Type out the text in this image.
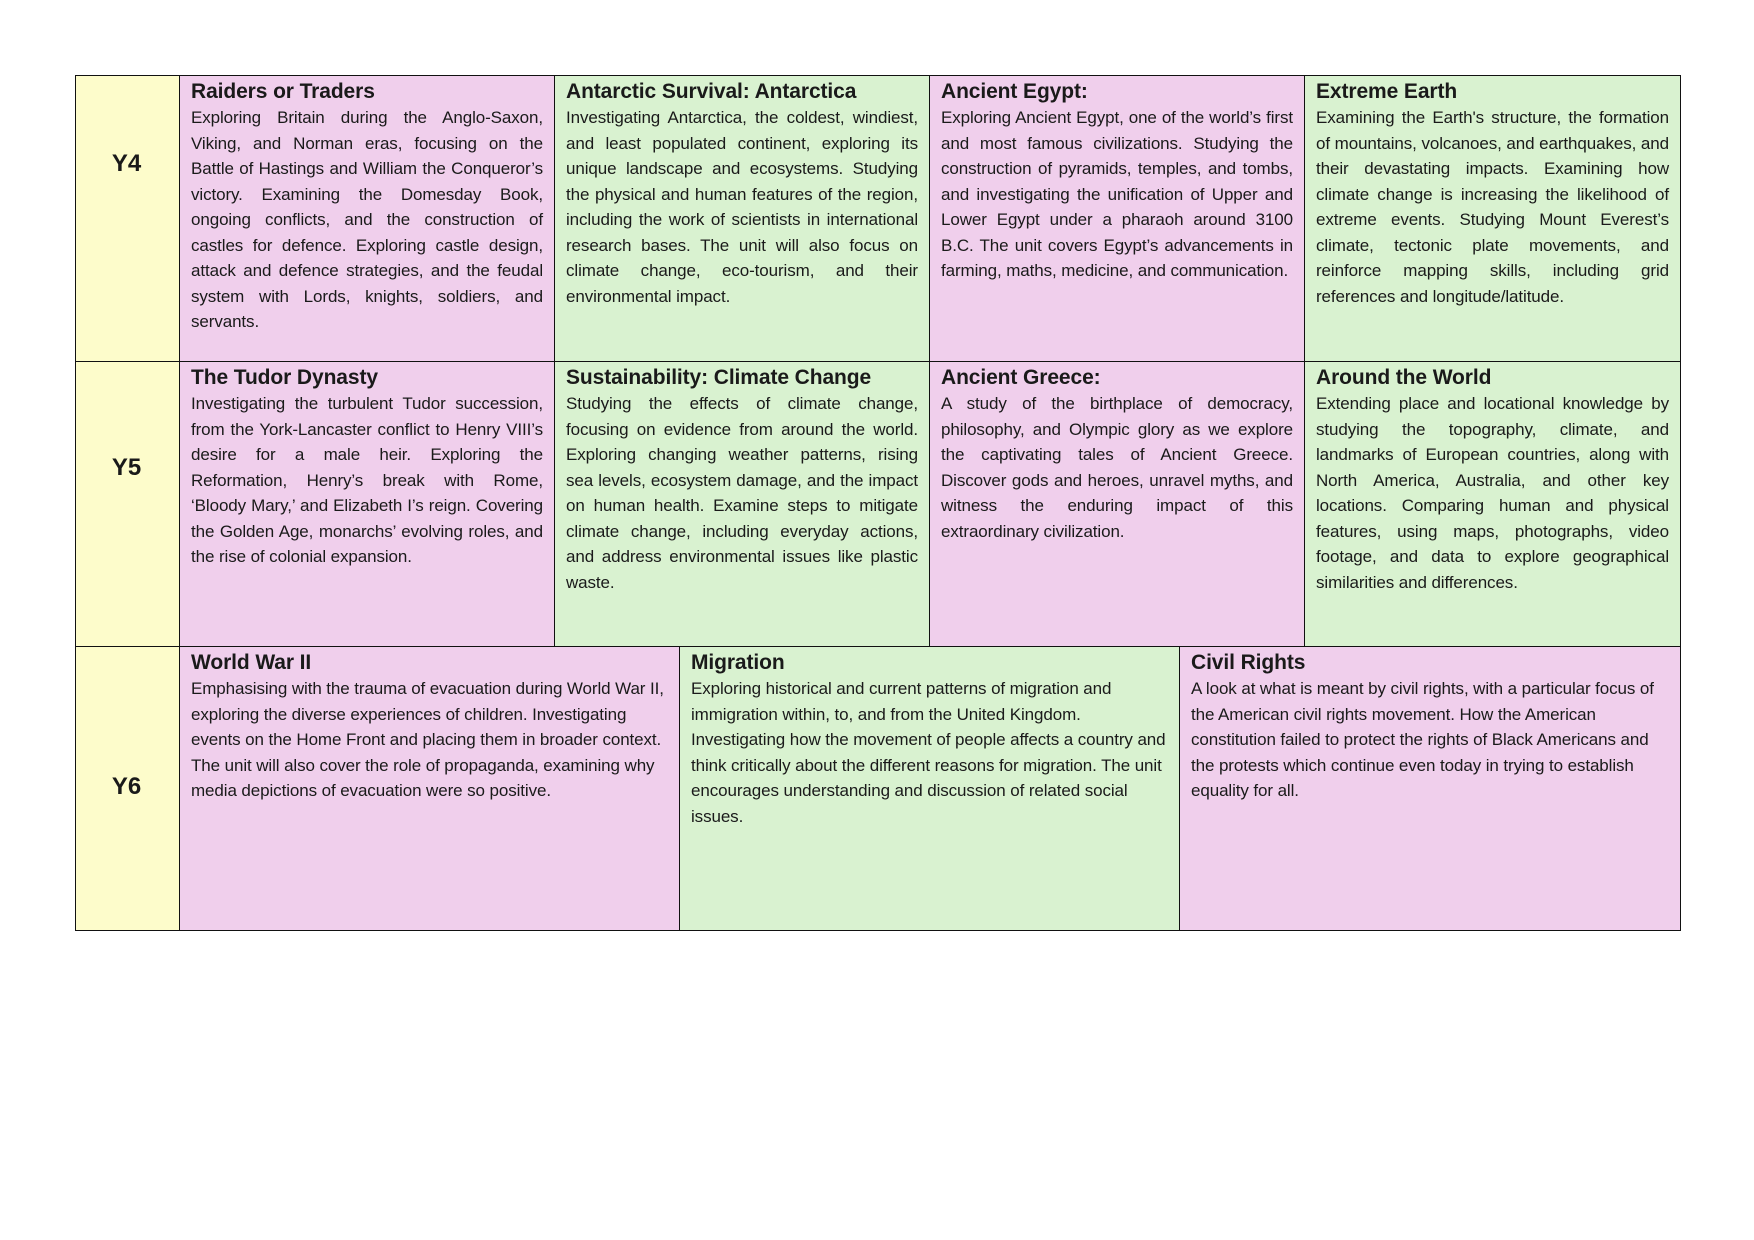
Y4
Raiders or Traders

Exploring Britain during the Anglo-Saxon, Viking, and Norman eras, focusing on the Battle of Hastings and William the Conqueror’s victory. Examining the Domesday Book, ongoing conflicts, and the construction of castles for defence. Exploring castle design, attack and defence strategies, and the feudal system with Lords, knights, soldiers, and servants.

Antarctic Survival: Antarctica

Investigating Antarctica, the coldest, windiest, and least populated continent, exploring its unique landscape and ecosystems. Studying the physical and human features of the region, including the work of scientists in international research bases. The unit will also focus on climate change, eco-tourism, and their environmental impact.

Ancient Egypt:

Exploring Ancient Egypt, one of the world’s first and most famous civilizations. Studying the construction of pyramids, temples, and tombs, and investigating the unification of Upper and Lower Egypt under a pharaoh around 3100 B.C. The unit covers Egypt’s advancements in farming, maths, medicine, and communication.

Extreme Earth

Examining the Earth's structure, the formation of mountains, volcanoes, and earthquakes, and their devastating impacts. Examining how climate change is increasing the likelihood of extreme events. Studying Mount Everest’s climate, tectonic plate movements, and reinforce mapping skills, including grid references and longitude/latitude.

Y5
The Tudor Dynasty

Investigating the turbulent Tudor succession, from the York-Lancaster conflict to Henry VIII’s desire for a male heir. Exploring the Reformation, Henry’s break with Rome, ‘Bloody Mary,’ and Elizabeth I’s reign. Covering the Golden Age, monarchs’ evolving roles, and the rise of colonial expansion.

Sustainability: Climate Change

Studying the effects of climate change, focusing on evidence from around the world. Exploring changing weather patterns, rising sea levels, ecosystem damage, and the impact on human health. Examine steps to mitigate climate change, including everyday actions, and address environmental issues like plastic waste.

Ancient Greece:

A study of the birthplace of democracy, philosophy, and Olympic glory as we explore the captivating tales of Ancient Greece. Discover gods and heroes, unravel myths, and witness the enduring impact of this extraordinary civilization.

Around the World

Extending place and locational knowledge by studying the topography, climate, and landmarks of European countries, along with North America, Australia, and other key locations. Comparing human and physical features, using maps, photographs, video footage, and data to explore geographical similarities and differences.

Y6
World War II

Emphasising with the trauma of evacuation during World War II, exploring the diverse experiences of children. Investigating events on the Home Front and placing them in broader context. The unit will also cover the role of propaganda, examining why media depictions of evacuation were so positive.

Migration

Exploring historical and current patterns of migration and immigration within, to, and from the United Kingdom. Investigating how the movement of people affects a country and think critically about the different reasons for migration. The unit encourages understanding and discussion of related social issues.

Civil Rights

A look at what is meant by civil rights, with a particular focus of the American civil rights movement. How the American constitution failed to protect the rights of Black Americans and the protests which continue even today in trying to establish equality for all.
